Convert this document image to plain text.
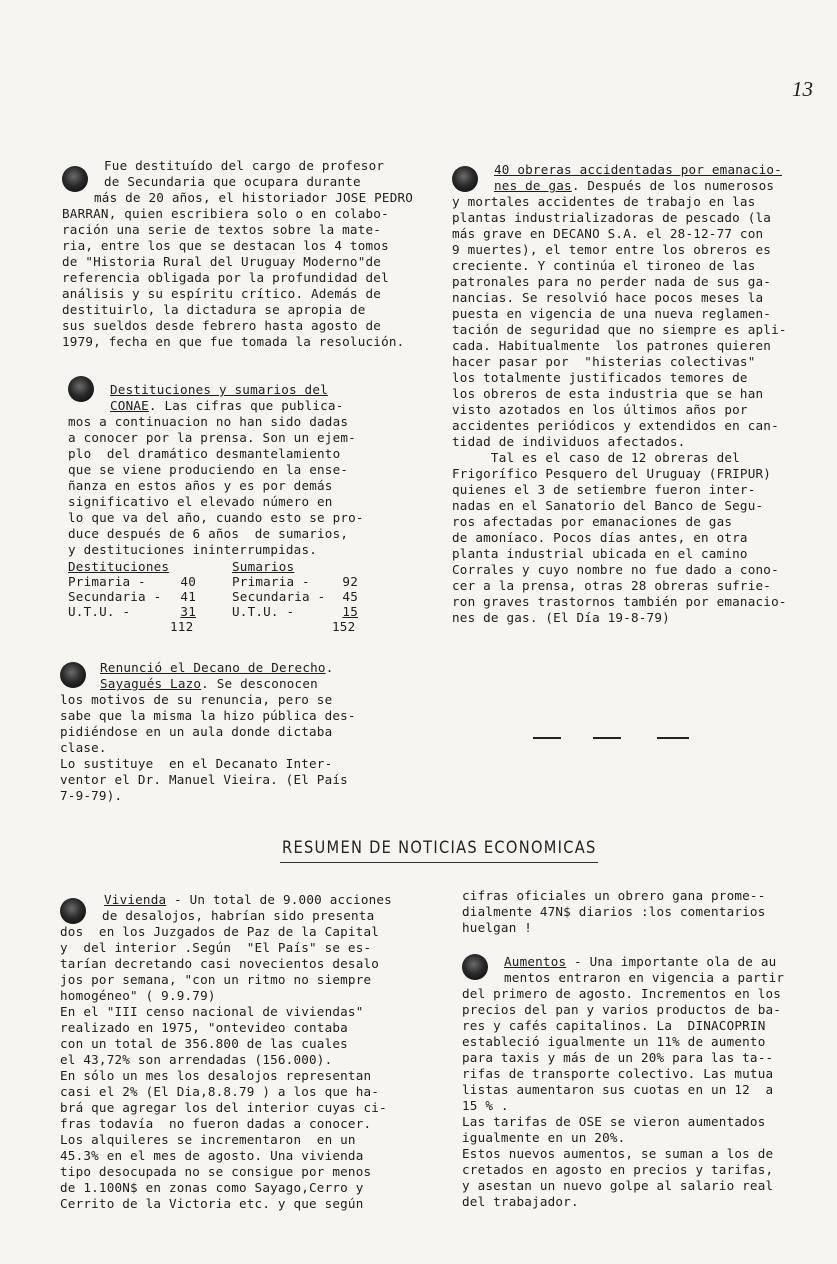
13

Fue destituído del cargo de profesor

de Secundaria que ocupara durante

más de 20 años, el historiador JOSE PEDRO

BARRAN, quien escribiera solo o en colabo-

ración una serie de textos sobre la mate-

ria, entre los que se destacan los 4 tomos

de "Historia Rural del Uruguay Moderno"de

referencia obligada por la profundidad del

análisis y su espíritu crítico. Además de

destituirlo, la dictadura se apropia de

sus sueldos desde febrero hasta agosto de

1979, fecha en que fue tomada la resolución.

Destituciones y sumarios del

CONAE. Las cifras que publica-

mos a continuacion no han sido dadas

a conocer por la prensa. Son un ejem-

plo  del dramático desmantelamiento

que se viene produciendo en la ense-

ñanza en estos años y es por demás

significativo el elevado número en

lo que va del año, cuando esto se pro-

duce después de 6 años  de sumarios,

y destituciones ininterrumpidas.

Destituciones	Sumarios
Primaria - 40	Primaria - 92
Secundaria - 41	Secundaria - 45
U.T.U. - 31	U.T.U. - 15
112	152

Renunció el Decano de Derecho.

Sayagués Lazo. Se desconocen

los motivos de su renuncia, pero se

sabe que la misma la hizo pública des-

pidiéndose en un aula donde dictaba

clase.

Lo sustituye  en el Decanato Inter-

ventor el Dr. Manuel Vieira. (El País

7-9-79).

40 obreras accidentadas por emanacio-

nes de gas. Después de los numerosos

y mortales accidentes de trabajo en las

plantas industrializadoras de pescado (la

más grave en DECANO S.A. el 28-12-77 con

9 muertes), el temor entre los obreros es

creciente. Y continúa el tironeo de las

patronales para no perder nada de sus ga-

nancias. Se resolvió hace pocos meses la

puesta en vigencia de una nueva reglamen-

tación de seguridad que no siempre es apli-

cada. Habitualmente  los patrones quieren

hacer pasar por  "histerias colectivas"

los totalmente justificados temores de

los obreros de esta industria que se han

visto azotados en los últimos años por

accidentes periódicos y extendidos en can-

tidad de individuos afectados.

Tal es el caso de 12 obreras del

Frigorífico Pesquero del Uruguay (FRIPUR)

quienes el 3 de setiembre fueron inter-

nadas en el Sanatorio del Banco de Segu-

ros afectadas por emanaciones de gas

de amoníaco. Pocos días antes, en otra

planta industrial ubicada en el camino

Corrales y cuyo nombre no fue dado a cono-

cer a la prensa, otras 28 obreras sufrie-

ron graves trastornos también por emanacio-

nes de gas. (El Día 19-8-79)

RESUMEN DE NOTICIAS ECONOMICAS

Vivienda - Un total de 9.000 acciones

de desalojos, habrían sido presenta

dos  en los Juzgados de Paz de la Capital

y  del interior .Según  "El País" se es-

tarían decretando casi novecientos desalo

jos por semana, "con un ritmo no siempre

homogéneo" ( 9.9.79)

En el "III censo nacional de viviendas"

realizado en 1975, "ontevideo contaba

con un total de 356.800 de las cuales

el 43,72% son arrendadas (156.000).

En sólo un mes los desalojos representan

casi el 2% (El Dia,8.8.79 ) a los que ha-

brá que agregar los del interior cuyas ci-

fras todavía  no fueron dadas a conocer.

Los alquileres se incrementaron  en un

45.3% en el mes de agosto. Una vivienda

tipo desocupada no se consigue por menos

de 1.100N$ en zonas como Sayago,Cerro y

Cerrito de la Victoria etc. y que según

cifras oficiales un obrero gana prome--

dialmente 47N$ diarios :los comentarios

huelgan !

Aumentos - Una importante ola de au

mentos entraron en vigencia a partir

del primero de agosto. Incrementos en los

precios del pan y varios productos de ba-

res y cafés capitalinos. La  DINACOPRIN

estableció igualmente un 11% de aumento

para taxis y más de un 20% para las ta--

rifas de transporte colectivo. Las mutua

listas aumentaron sus cuotas en un 12  a

15 % .

Las tarifas de OSE se vieron aumentados

igualmente en un 20%.

Estos nuevos aumentos, se suman a los de

cretados en agosto en precios y tarifas,

y asestan un nuevo golpe al salario real

del trabajador.
